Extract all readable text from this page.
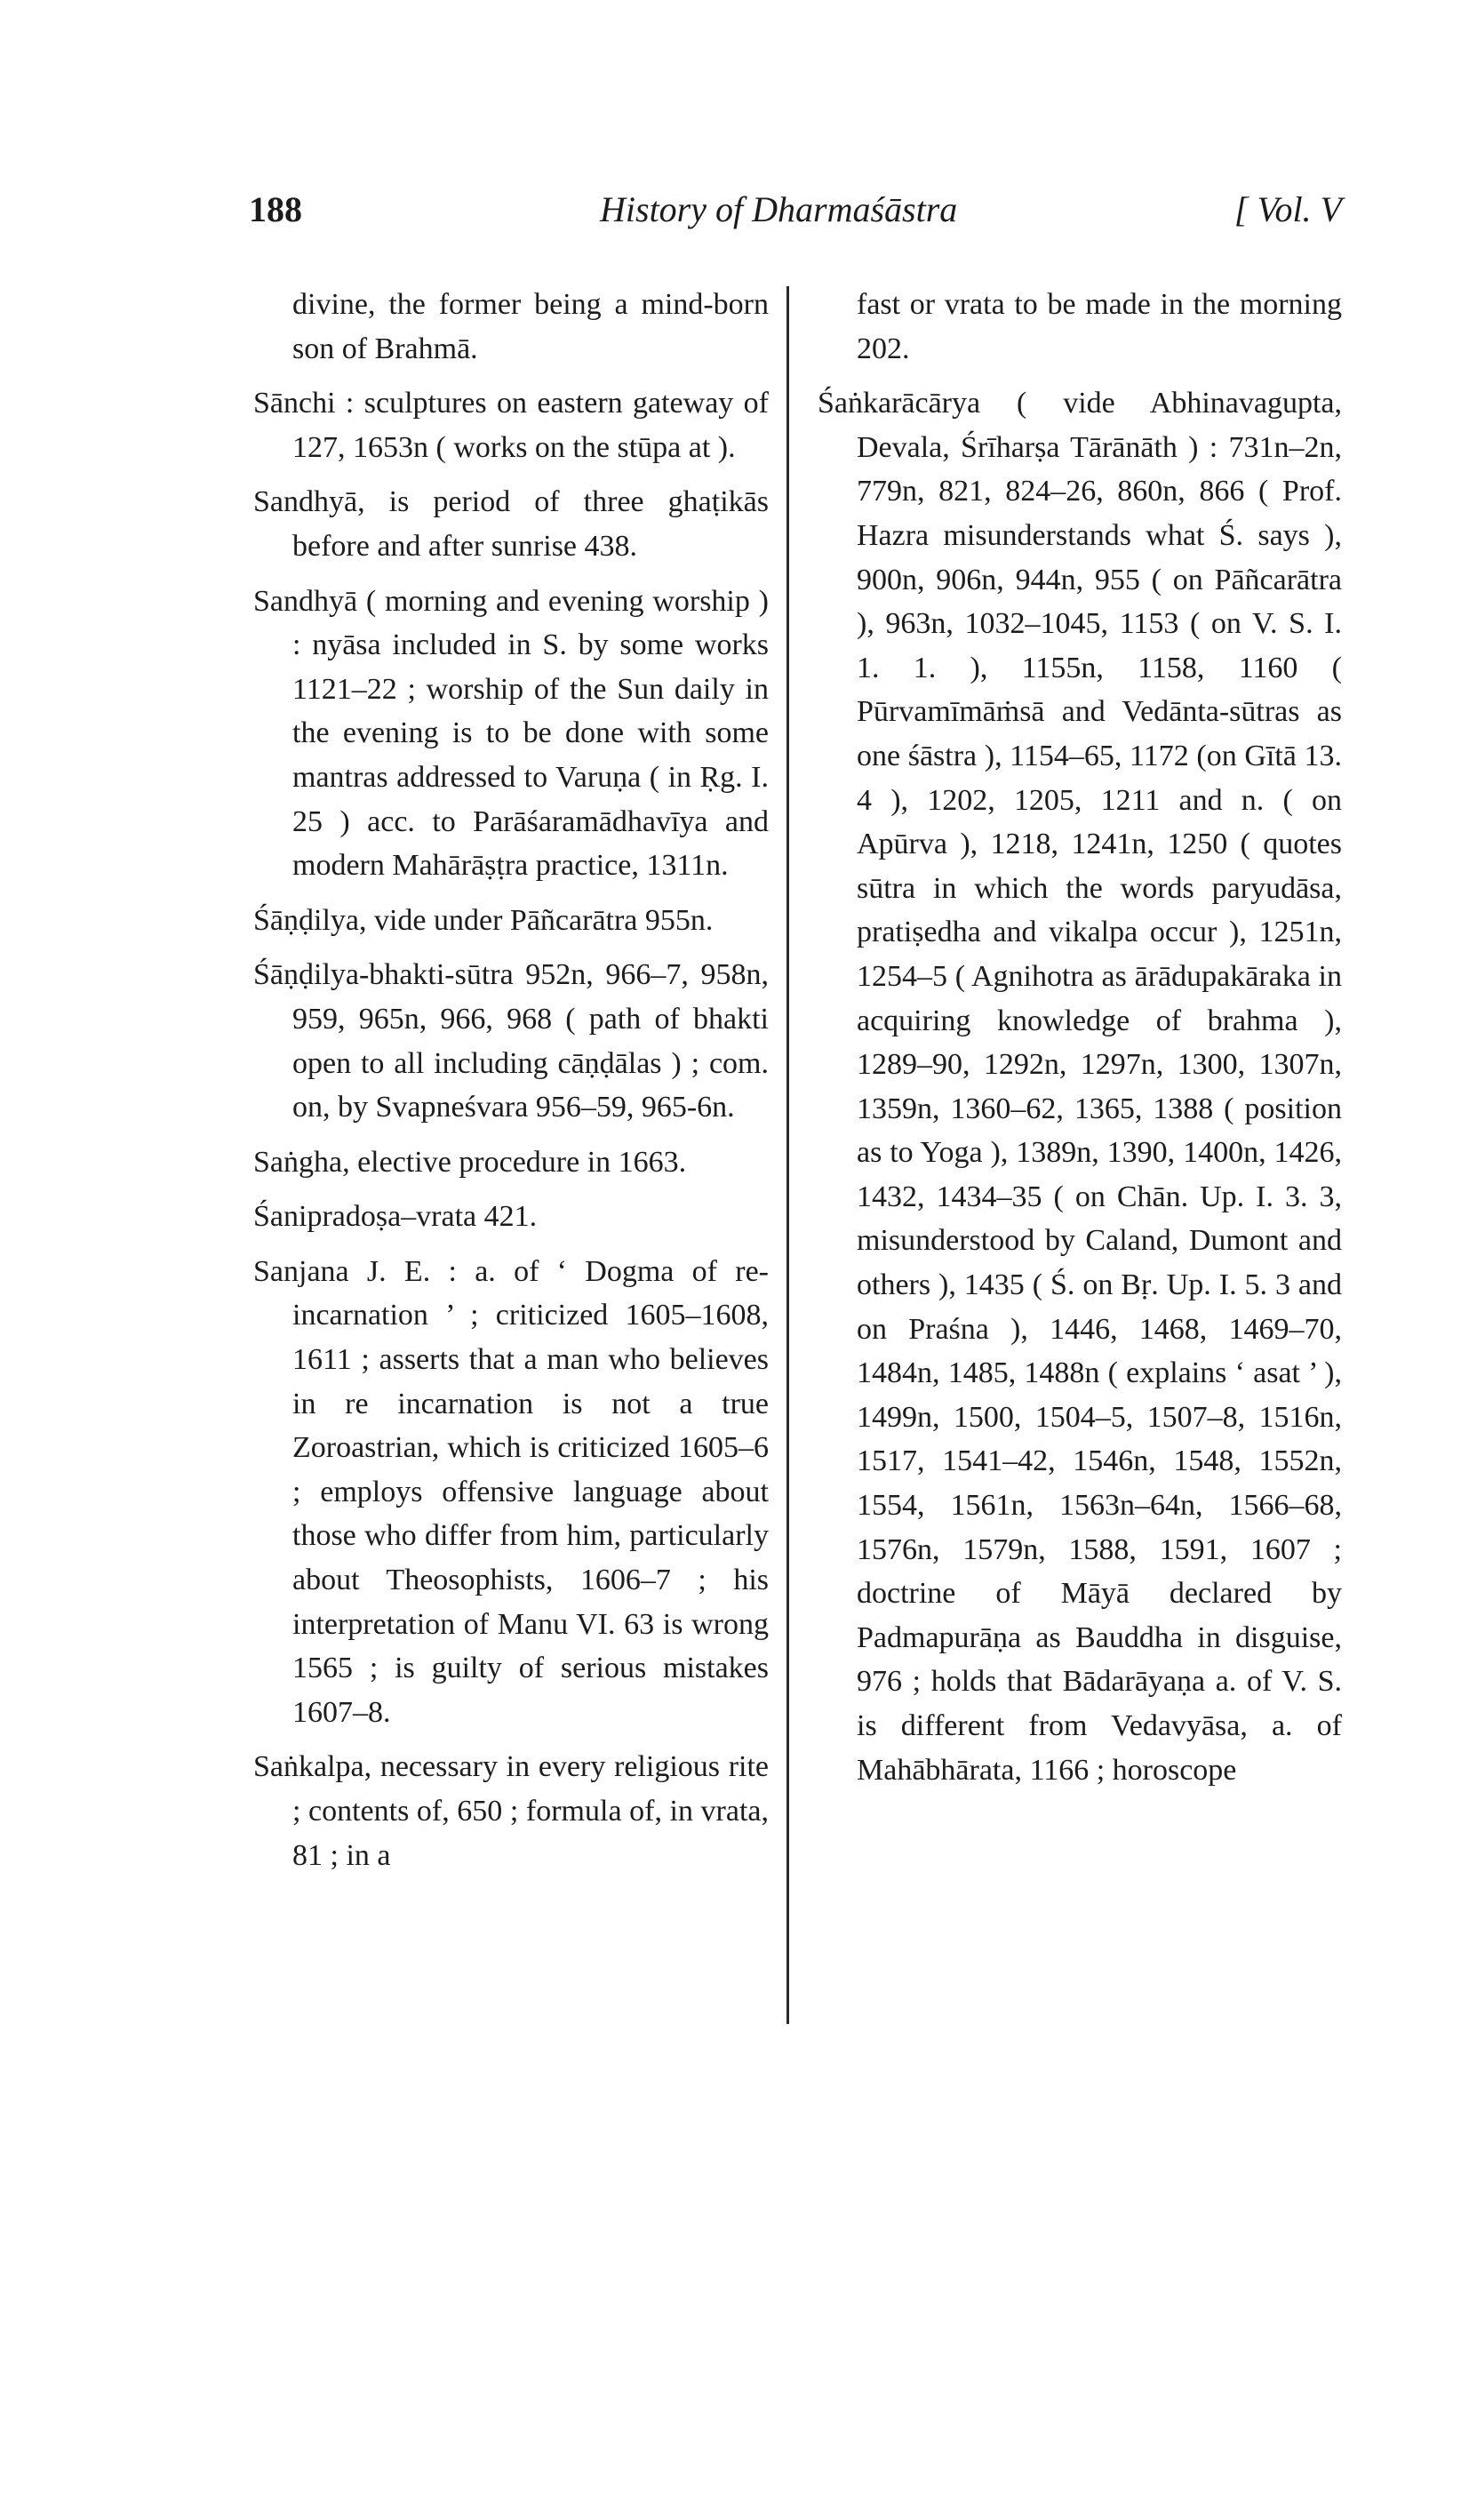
188	History of Dharmaśāstra	[ Vol. V

divine, the former being a mind-born son of Brahmā.

Sānchi : sculptures on eastern gateway of 127, 1653n ( works on the stūpa at ).

Sandhyā, is period of three ghaṭikās before and after sunrise 438.

Sandhyā ( morning and evening worship ) : nyāsa included in S. by some works 1121–22 ; worship of the Sun daily in the evening is to be done with some mantras addressed to Varuṇa ( in Ṛg. I. 25 ) acc. to Parāśaramādhavīya and modern Mahārāṣṭra practice, 1311n.

Śāṇḍilya, vide under Pāñcarātra 955n.

Śāṇḍilya-bhakti-sūtra 952n, 966–7, 958n, 959, 965n, 966, 968 ( path of bhakti open to all including cāṇḍālas ) ; com. on, by Svapneśvara 956–59, 965-6n.

Saṅgha, elective procedure in 1663.

Śanipradoṣa–vrata 421.

Sanjana J. E. : a. of ‘ Dogma of re-incarnation ’ ; criticized 1605–1608, 1611 ; asserts that a man who believes in re incarnation is not a true Zoroastrian, which is criticized 1605–6 ; employs offensive language about those who differ from him, particularly about Theosophists, 1606–7 ; his interpretation of Manu VI. 63 is wrong 1565 ; is guilty of serious mistakes 1607–8.

Saṅkalpa, necessary in every religious rite ; contents of, 650 ; formula of, in vrata, 81 ; in a

fast or vrata to be made in the morning 202.

Śaṅkarācārya ( vide Abhinavagupta, Devala, Śrīharṣa Tārānāth ) : 731n–2n, 779n, 821, 824–26, 860n, 866 ( Prof. Hazra misunderstands what Ś. says ), 900n, 906n, 944n, 955 ( on Pāñcarātra ), 963n, 1032–1045, 1153 ( on V. S. I. 1. 1. ), 1155n, 1158, 1160 ( Pūrvamīmāṁsā and Vedānta-sūtras as one śāstra ), 1154–65, 1172 (on Gītā 13. 4 ), 1202, 1205, 1211 and n. ( on Apūrva ), 1218, 1241n, 1250 ( quotes sūtra in which the words paryudāsa, pratiṣedha and vikalpa occur ), 1251n, 1254–5 ( Agnihotra as ārādupakāraka in acquiring knowledge of brahma ), 1289–90, 1292n, 1297n, 1300, 1307n, 1359n, 1360–62, 1365, 1388 ( position as to Yoga ), 1389n, 1390, 1400n, 1426, 1432, 1434–35 ( on Chān. Up. I. 3. 3, misunderstood by Caland, Dumont and others ), 1435 ( Ś. on Bṛ. Up. I. 5. 3 and on Praśna ), 1446, 1468, 1469–70, 1484n, 1485, 1488n ( explains ‘ asat ’ ), 1499n, 1500, 1504–5, 1507–8, 1516n, 1517, 1541–42, 1546n, 1548, 1552n, 1554, 1561n, 1563n–64n, 1566–68, 1576n, 1579n, 1588, 1591, 1607 ; doctrine of Māyā declared by Padmapurāṇa as Bauddha in disguise, 976 ; holds that Bādarāyaṇa a. of V. S. is different from Vedavyāsa, a. of Mahābhārata, 1166 ; horoscope
